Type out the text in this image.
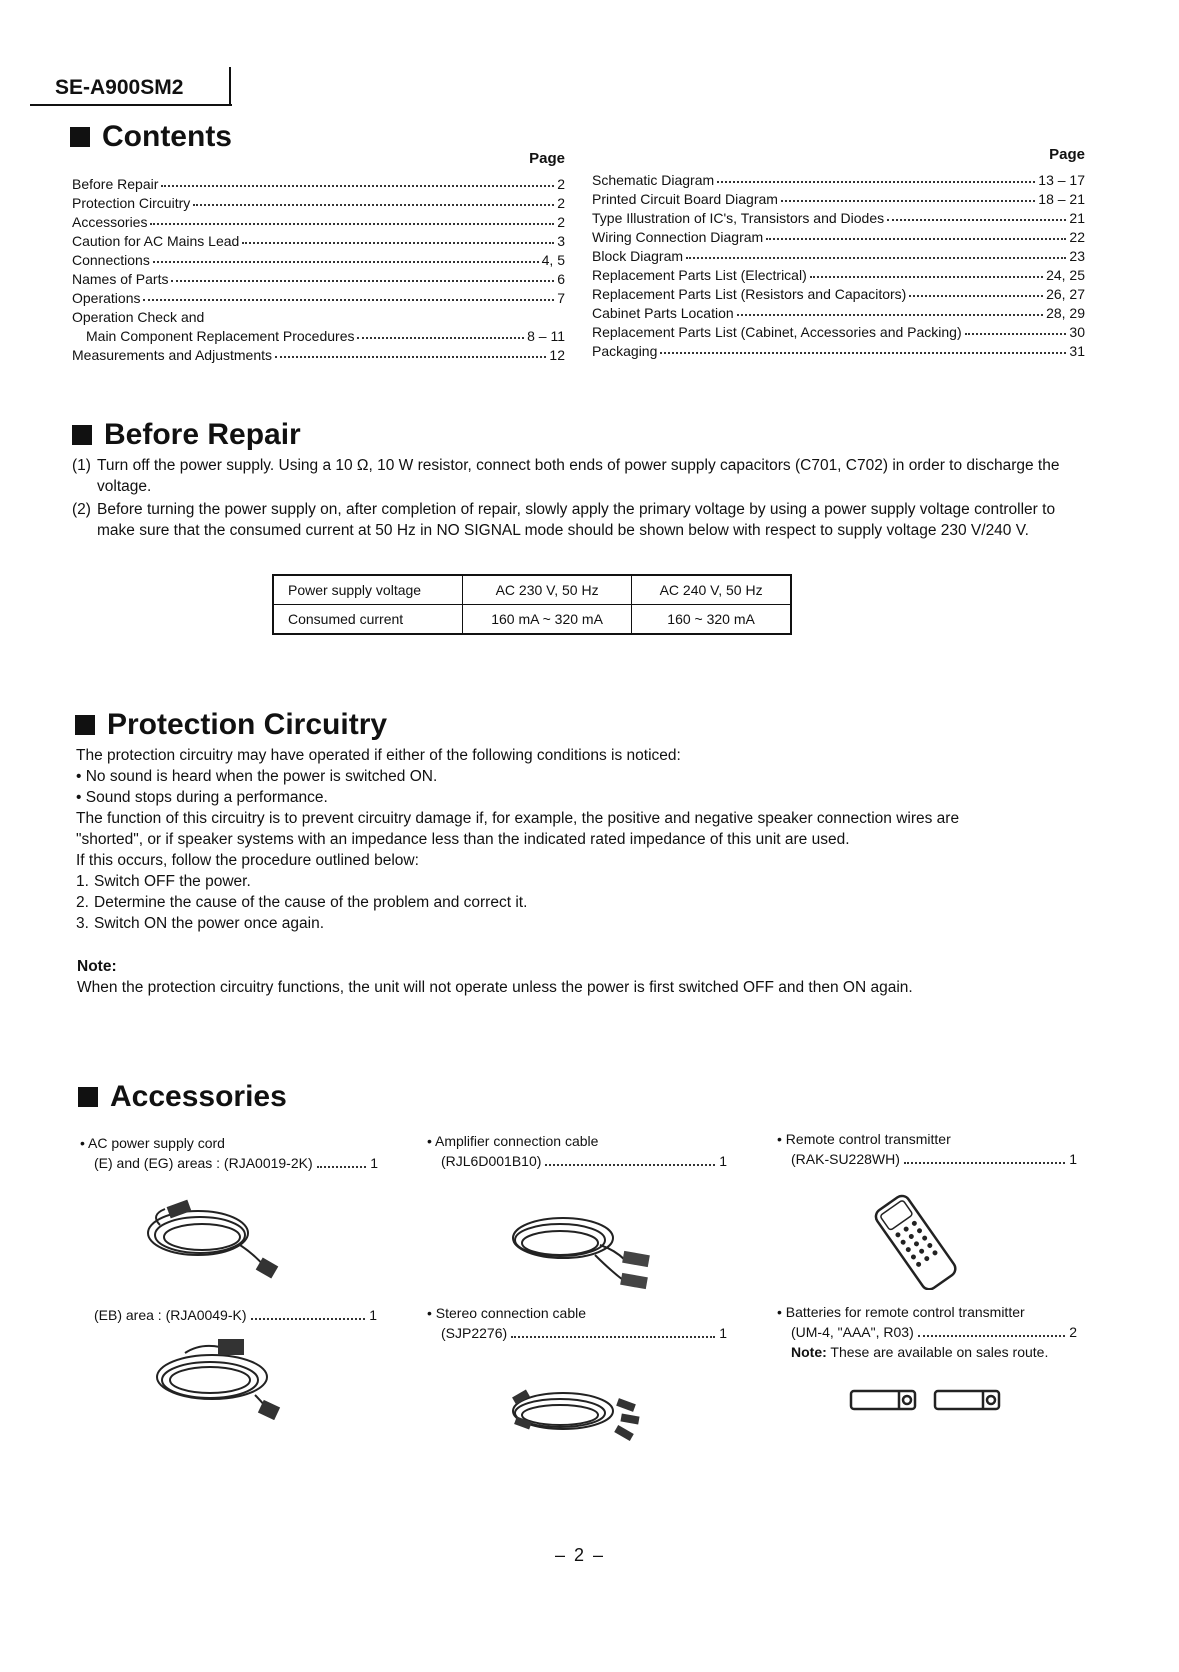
SE-A900SM2
Contents
Page
Before Repair	2
Protection Circuitry	2
Accessories	2
Caution for AC Mains Lead	3
Connections	4, 5
Names of Parts	6
Operations	7
Operation Check and
Main Component Replacement Procedures	8 – 11
Measurements and Adjustments	12
Page
Schematic Diagram	13 – 17
Printed Circuit Board Diagram	18 – 21
Type Illustration of IC's, Transistors and Diodes	21
Wiring Connection Diagram	22
Block Diagram	23
Replacement Parts List (Electrical)	24, 25
Replacement Parts List (Resistors and Capacitors)	26, 27
Cabinet Parts Location	28, 29
Replacement Parts List (Cabinet, Accessories and Packing)	30
Packaging	31
Before Repair
(1) Turn off the power supply. Using a 10 Ω, 10 W resistor, connect both ends of power supply capacitors (C701, C702) in order to discharge the voltage.
(2) Before turning the power supply on, after completion of repair, slowly apply the primary voltage by using a power supply voltage controller to make sure that the consumed current at 50 Hz in NO SIGNAL mode should be shown below with respect to supply voltage 230 V/240 V.
Power supply voltage	AC 230 V, 50 Hz	AC 240 V, 50 Hz
Consumed current	160 mA ~ 320 mA	160 ~ 320 mA
Protection Circuitry
The protection circuitry may have operated if either of the following conditions is noticed:
• No sound is heard when the power is switched ON.
• Sound stops during a performance.
The function of this circuitry is to prevent circuitry damage if, for example, the positive and negative speaker connection wires are
"shorted", or if speaker systems with an impedance less than the indicated rated impedance of this unit are used.
If this occurs, follow the procedure outlined below:
1. Switch OFF the power.
2. Determine the cause of the cause of the problem and correct it.
3. Switch ON the power once again.
Note:
When the protection circuitry functions, the unit will not operate unless the power is first switched OFF and then ON again.
Accessories
• AC power supply cord
(E) and (EG) areas : (RJA0019-2K)	1
(EB) area : (RJA0049-K)	1
• Amplifier connection cable
(RJL6D001B10)	1
• Stereo connection cable
(SJP2276)	1
• Remote control transmitter
(RAK-SU228WH)	1
• Batteries for remote control transmitter
(UM-4, "AAA", R03)	2
Note: These are available on sales route.
– 2 –
